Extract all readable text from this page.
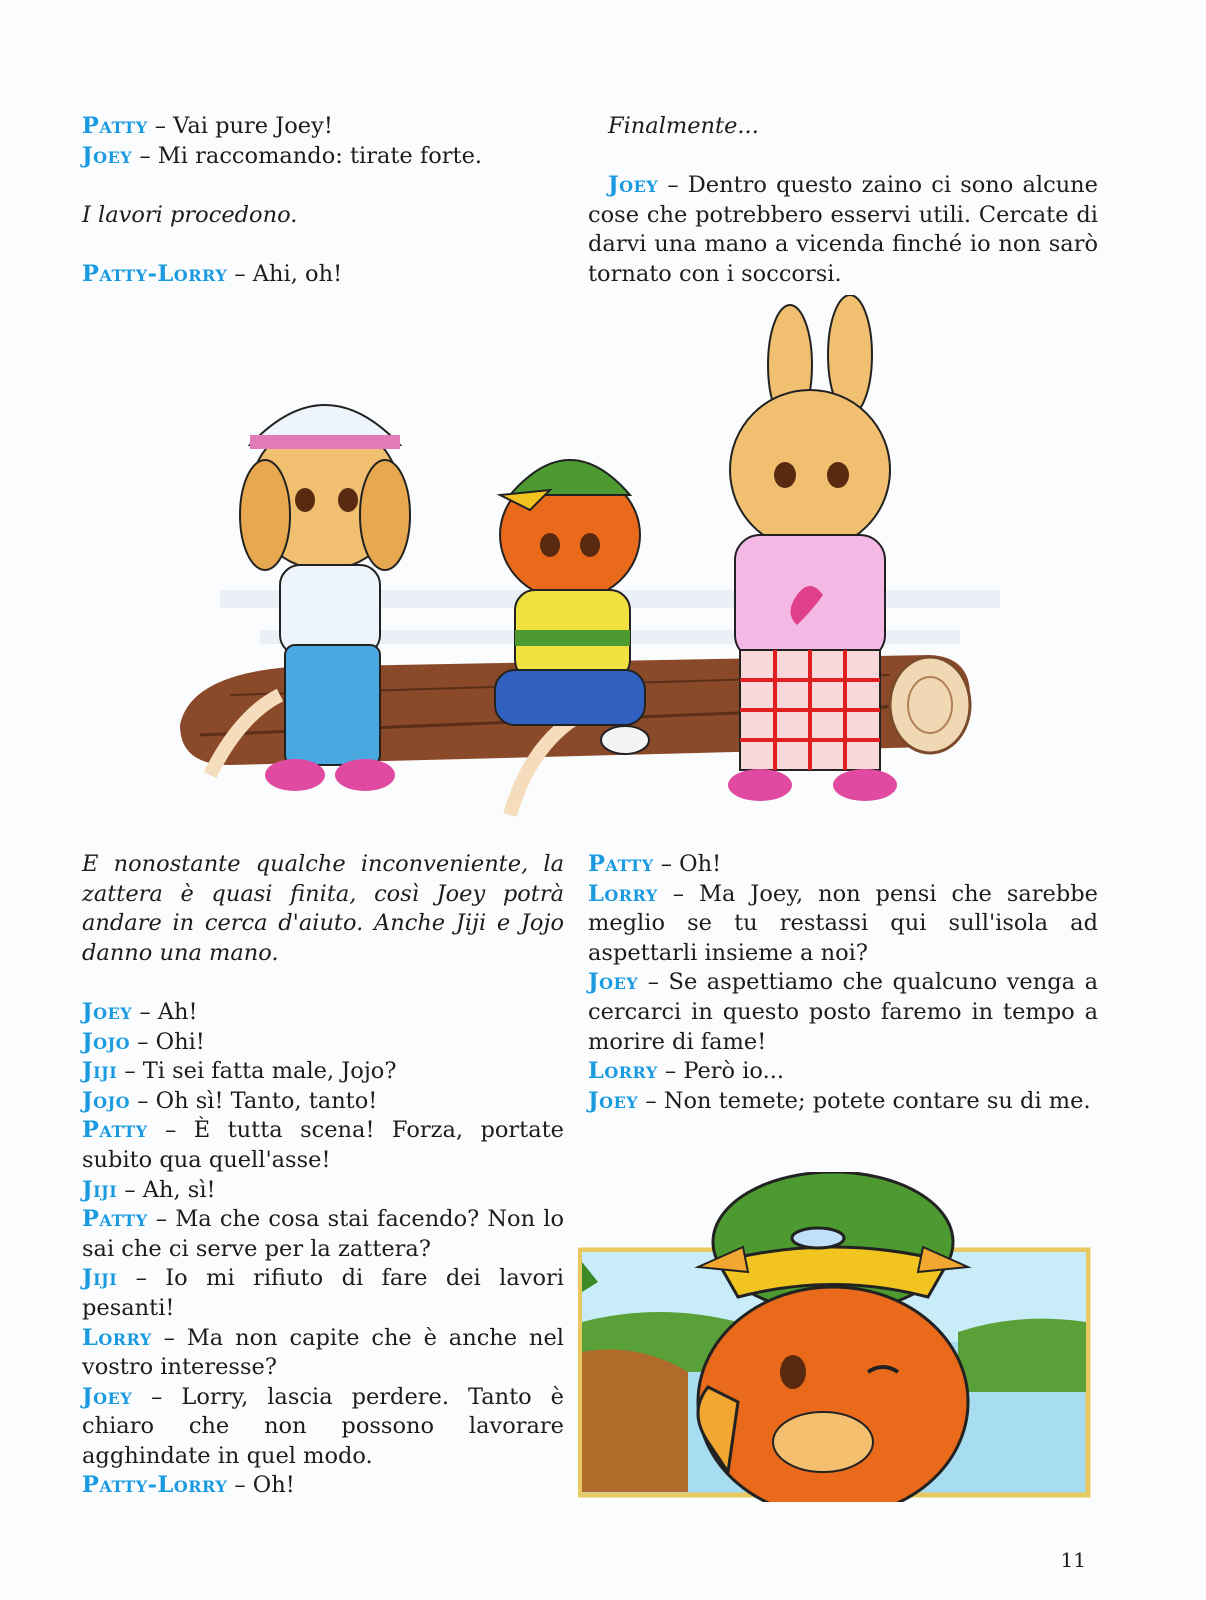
Patty – Vai pure Joey!

Joey – Mi raccomando: tirate forte.

I lavori procedono.

Patty-Lorry – Ahi, oh!

Finalmente...

Joey – Dentro questo zaino ci sono alcune cose che potrebbero esservi utili. Cercate di darvi una mano a vicenda finché io non sarò tornato con i soccorsi.

E nonostante qualche inconveniente, la zattera è quasi finita, così Joey potrà andare in cerca d'aiuto. Anche Jiji e Jojo danno una mano.

Joey – Ah!

Jojo – Ohi!

Jiji – Ti sei fatta male, Jojo?

Jojo – Oh sì! Tanto, tanto!

Patty – È tutta scena! Forza, portate subito qua quell'asse!

Jiji – Ah, sì!

Patty – Ma che cosa stai facendo? Non lo sai che ci serve per la zattera?

Jiji – Io mi rifiuto di fare dei lavori pesanti!

Lorry – Ma non capite che è anche nel vostro interesse?

Joey – Lorry, lascia perdere. Tanto è chiaro che non possono lavorare agghindate in quel modo.

Patty-Lorry – Oh!

Patty – Oh!

Lorry – Ma Joey, non pensi che sarebbe meglio se tu restassi qui sull'isola ad aspettarli insieme a noi?

Joey – Se aspettiamo che qualcuno venga a cercarci in questo posto faremo in tempo a morire di fame!

Lorry – Però io...

Joey – Non temete; potete contare su di me.

11
